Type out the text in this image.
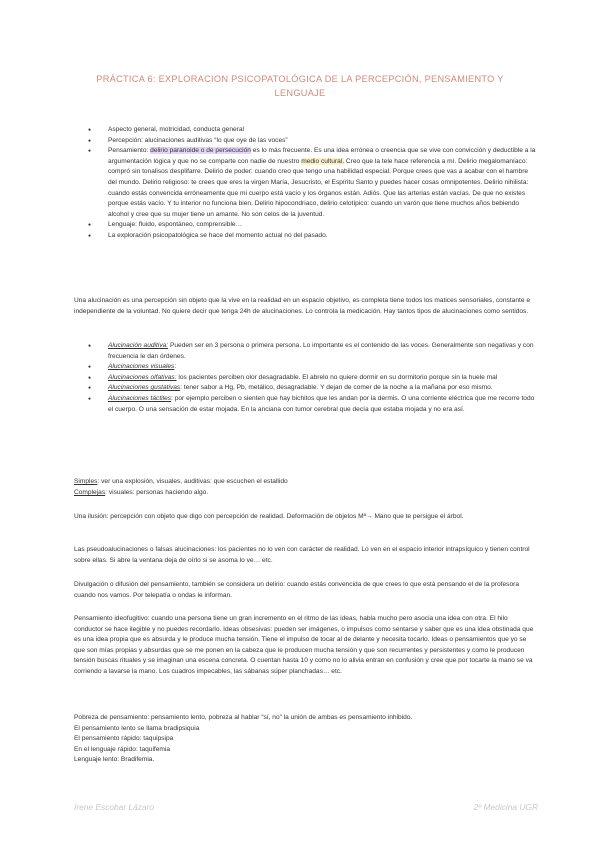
PRÁCTICA 6: EXPLORACION PSICOPATOLÓGICA DE LA PERCEPCIÓN, PENSAMIENTO Y LENGUAJE
● Aspecto general, motricidad, conducta general
● Percepción: alucinaciones auditivas “lo que oye de las voces”
● Pensamiento: delirio paranoide o de persecución es lo más frecuente. Es una idea errónea o creencia que se vive con convicción y deductible a la argumentación lógica y que no se comparte con nadie de nuestro medio cultural. Creo que la tele hace referencia a mí. Delirio megalomaníaco: compró sin tonalisos desplifarre. Delirio de poder: cuando creo que tengo una habilidad especial. Porque crees que vas a acabar con el hambre del mundo. Delirio religioso: te crees que eres la virgen María, Jesucristo, el Espíritu Santo y puedes hacer cosas omnipotentes. Delirio nihilista: cuando estás convencida erróneamente que mi cuerpo está vacío y los órganos están. Adiós. Que las arterias están vacías. De que no existes porque estás vacío. Y tu interior no funciona bien. Delirio hipocondriaco, delirio celotípico: cuando un varón que tiene muchos años bebiendo alcohol y cree que su mujer tiene un amante. No son celos de la juventud.
● Lenguaje: fluido, espontáneo, comprensible…
● La exploración psicopatológica se hace del momento actual no del pasado.
Una alucinación es una percepción sin objeto que la vive en la realidad en un espacio objetivo, es completa tiene todos los matices sensoriales, constante e independiente de la voluntad. No quiere decir que tenga 24h de alucinaciones. Lo controla la medicación. Hay tantos tipos de alucinaciones como sentidos.
● Alucinación auditiva: Pueden ser en 3 persona o primera persona. Lo importante es el contenido de las voces. Generalmente son negativas y con frecuencia le dan órdenes.
● Alucinaciones visuales:
● Alucinaciones olfativas: los pacientes perciben olor desagradable. El abrelo no quiere dormir en su dormitorio porque sin la huele mal
● Alucinaciones gustativas: tener sabor a Hg, Pb, metálico, desagradable. Y dejan de comer de la noche a la mañana por eso mismo.
● Alucinaciones táctiles: por ejemplo perciben o sienten que hay bichitos que les andan por la dermis. O una corriente eléctrica que me recorre todo el cuerpo. O una sensación de estar mojada. En la anciana con tumor cerebral que decía que estaba mojada y no era así.
Simples: ver una explosión, visuales, auditivas: que escuchen el estallido
Complejas: visuales: personas haciendo algo.
Una ilusión: percepción con objeto que digo con percepción de realidad. Deformación de objetos Mª→ Mano que te persigue el árbol.
Las pseudoalucinaciones o falsas alucinaciones: los pacientes no lo ven con carácter de realidad. Lo ven en el espacio interior intrapsíquico y tienen control sobre ellas. Si abre la ventana deja de oírlo si se asoma lo ve… etc.
Divulgación o difusión del pensamiento, también se considera un delirio: cuando estás convencida de que crees lo que está pensando el de la profesora cuando nos vamos. Por telepatía o ondas le informan.
Pensamiento ideofugitivo: cuando una persona tiene un gran incremento en el ritmo de las ideas, habla mucho pero asocia una idea con otra. El hilo conductor se hace ilegible y no puedes recordarlo. Ideas obsesivas: pueden ser imágenes, o impulsos como sentarse y saber que es una idea obstinada que es una idea propia que es absurda y le produce mucha tensión. Tiene el impulso de tocar al de delante y necesita tocarlo. Ideas o pensamientos que yo se que son mías propias y absurdas que se me ponen en la cabeza que le producen mucha tensión y que son recurrentes y persistentes y como le producen tensión buscas rituales y se imaginan una escena concreta. O cuentan hasta 10 y como no lo alivia entran en confusión y cree que por tocarte la mano se va corriendo a lavarse la mano. Los cuadros impecables, las sábanas súper planchadas… etc.
Pobreza de pensamiento: pensamiento lento, pobreza al hablar “sí, no” la unión de ambas es pensamiento inhibido.
El pensamiento lento se llama bradipsiquia
El pensamiento rápido: taquipsipa
En el lenguaje rápido: taquifemia
Lenguaje lento: Bradifemia.
Irene Escobar Lázaro	2º Medicina UGR
